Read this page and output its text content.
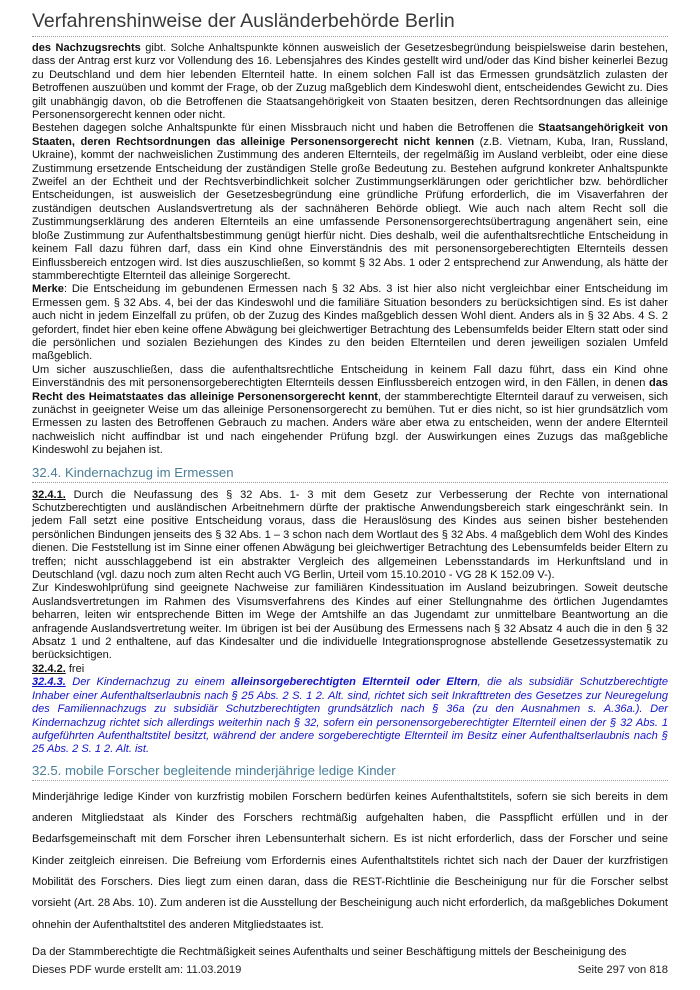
Verfahrenshinweise der Ausländerbehörde Berlin

des Nachzugsrechts gibt. Solche Anhaltspunkte können ausweislich der Gesetzesbegründung beispielsweise darin bestehen, dass der Antrag erst kurz vor Vollendung des 16. Lebensjahres des Kindes gestellt wird und/oder das Kind bisher keinerlei Bezug zu Deutschland und dem hier lebenden Elternteil hatte. In einem solchen Fall ist das Ermessen grundsätzlich zulasten der Betroffenen auszuüben und kommt der Frage, ob der Zuzug maßgeblich dem Kindeswohl dient, entscheidendes Gewicht zu. Dies gilt unabhängig davon, ob die Betroffenen die Staatsangehörigkeit von Staaten besitzen, deren Rechtsordnungen das alleinige Personensorgerecht kennen oder nicht.

Bestehen dagegen solche Anhaltspunkte für einen Missbrauch nicht und haben die Betroffenen die Staatsangehörigkeit von Staaten, deren Rechtsordnungen das alleinige Personensorgerecht nicht kennen (z.B. Vietnam, Kuba, Iran, Russland, Ukraine), kommt der nachweislichen Zustimmung des anderen Elternteils, der regelmäßig im Ausland verbleibt, oder eine diese Zustimmung ersetzende Entscheidung der zuständigen Stelle große Bedeutung zu. Bestehen aufgrund konkreter Anhaltspunkte Zweifel an der Echtheit und der Rechtsverbindlichkeit solcher Zustimmungserklärungen oder gerichtlicher bzw. behördlicher Entscheidungen, ist ausweislich der Gesetzesbegründung eine gründliche Prüfung erforderlich, die im Visaverfahren der zuständigen deutschen Auslandsvertretung als der sachnäheren Behörde obliegt. Wie auch nach altem Recht soll die Zustimmungserklärung des anderen Elternteils an eine umfassende Personensorgerechtsübertragung angenähert sein, eine bloße Zustimmung zur Aufenthaltsbestimmung genügt hierfür nicht. Dies deshalb, weil die aufenthaltsrechtliche Entscheidung in keinem Fall dazu führen darf, dass ein Kind ohne Einverständnis des mit personensorgeberechtigten Elternteils dessen Einflussbereich entzogen wird. Ist dies auszuschließen, so kommt § 32 Abs. 1 oder 2 entsprechend zur Anwendung, als hätte der stammberechtigte Elternteil das alleinige Sorgerecht.

Merke: Die Entscheidung im gebundenen Ermessen nach § 32 Abs. 3 ist hier also nicht vergleichbar einer Entscheidung im Ermessen gem. § 32 Abs. 4, bei der das Kindeswohl und die familiäre Situation besonders zu berücksichtigen sind. Es ist daher auch nicht in jedem Einzelfall zu prüfen, ob der Zuzug des Kindes maßgeblich dessen Wohl dient. Anders als in § 32 Abs. 4 S. 2 gefordert, findet hier eben keine offene Abwägung bei gleichwertiger Betrachtung des Lebensumfelds beider Eltern statt oder sind die persönlichen und sozialen Beziehungen des Kindes zu den beiden Elternteilen und deren jeweiligen sozialen Umfeld maßgeblich.

Um sicher auszuschließen, dass die aufenthaltsrechtliche Entscheidung in keinem Fall dazu führt, dass ein Kind ohne Einverständnis des mit personensorgeberechtigten Elternteils dessen Einflussbereich entzogen wird, in den Fällen, in denen das Recht des Heimatstaates das alleinige Personensorgerecht kennt, der stammberechtigte Elternteil darauf zu verweisen, sich zunächst in geeigneter Weise um das alleinige Personensorgerecht zu bemühen. Tut er dies nicht, so ist hier grundsätzlich vom Ermessen zu lasten des Betroffenen Gebrauch zu machen. Anders wäre aber etwa zu entscheiden, wenn der andere Elternteil nachweislich nicht auffindbar ist und nach eingehender Prüfung bzgl. der Auswirkungen eines Zuzugs das maßgebliche Kindeswohl zu bejahen ist.

32.4. Kindernachzug im Ermessen

32.4.1. Durch die Neufassung des § 32 Abs. 1- 3 mit dem Gesetz zur Verbesserung der Rechte von international Schutzberechtigten und ausländischen Arbeitnehmern dürfte der praktische Anwendungsbereich stark eingeschränkt sein. In jedem Fall setzt eine positive Entscheidung voraus, dass die Herauslösung des Kindes aus seinen bisher bestehenden persönlichen Bindungen jenseits des § 32 Abs. 1 – 3 schon nach dem Wortlaut des § 32 Abs. 4 maßgeblich dem Wohl des Kindes dienen. Die Feststellung ist im Sinne einer offenen Abwägung bei gleichwertiger Betrachtung des Lebensumfelds beider Eltern zu treffen; nicht ausschlaggebend ist ein abstrakter Vergleich des allgemeinen Lebensstandards im Herkunftsland und in Deutschland (vgl. dazu noch zum alten Recht auch VG Berlin, Urteil vom 15.10.2010 - VG 28 K 152.09 V-).

Zur Kindeswohlprüfung sind geeignete Nachweise zur familiären Kindessituation im Ausland beizubringen. Soweit deutsche Auslandsvertretungen im Rahmen des Visumsverfahrens des Kindes auf einer Stellungnahme des örtlichen Jugendamtes beharren, leiten wir entsprechende Bitten im Wege der Amtshilfe an das Jugendamt zur unmittelbare Beantwortung an die anfragende Auslandsvertretung weiter. Im übrigen ist bei der Ausübung des Ermessens nach § 32 Absatz 4 auch die in den § 32 Absatz 1 und 2 enthaltene, auf das Kindesalter und die individuelle Integrationsprognose abstellende Gesetzessystematik zu berücksichtigen.

32.4.2. frei

32.4.3. Der Kindernachzug zu einem alleinsorgeberechtigten Elternteil oder Eltern, die als subsidiär Schutzberechtigte Inhaber einer Aufenthaltserlaubnis nach § 25 Abs. 2 S. 1 2. Alt. sind, richtet sich seit Inkrafttreten des Gesetzes zur Neuregelung des Familiennachzugs zu subsidiär Schutzberechtigten grundsätzlich nach § 36a (zu den Ausnahmen s. A.36a.). Der Kindernachzug richtet sich allerdings weiterhin nach § 32, sofern ein personensorgeberechtigter Elternteil einen der § 32 Abs. 1 aufgeführten Aufenthaltstitel besitzt, während der andere sorgeberechtigte Elternteil im Besitz einer Aufenthaltserlaubnis nach § 25 Abs. 2 S. 1 2. Alt. ist.

32.5. mobile Forscher begleitende minderjährige ledige Kinder

Minderjährige ledige Kinder von kurzfristig mobilen Forschern bedürfen keines Aufenthaltstitels, sofern sie sich bereits in dem anderen Mitgliedstaat als Kinder des Forschers rechtmäßig aufgehalten haben, die Passpflicht erfüllen und in der Bedarfsgemeinschaft mit dem Forscher ihren Lebensunterhalt sichern. Es ist nicht erforderlich, dass der Forscher und seine Kinder zeitgleich einreisen. Die Befreiung vom Erfordernis eines Aufenthaltstitels richtet sich nach der Dauer der kurzfristigen Mobilität des Forschers. Dies liegt zum einen daran, dass die REST-Richtlinie die Bescheinigung nur für die Forscher selbst vorsieht (Art. 28 Abs. 10). Zum anderen ist die Ausstellung der Bescheinigung auch nicht erforderlich, da maßgebliches Dokument ohnehin der Aufenthaltstitel des anderen Mitgliedstaates ist.

Da der Stammberechtigte die Rechtmäßigkeit seines Aufenthalts und seiner Beschäftigung mittels der Bescheinigung des

Dieses PDF wurde erstellt am: 11.03.2019	Seite 297 von 818
